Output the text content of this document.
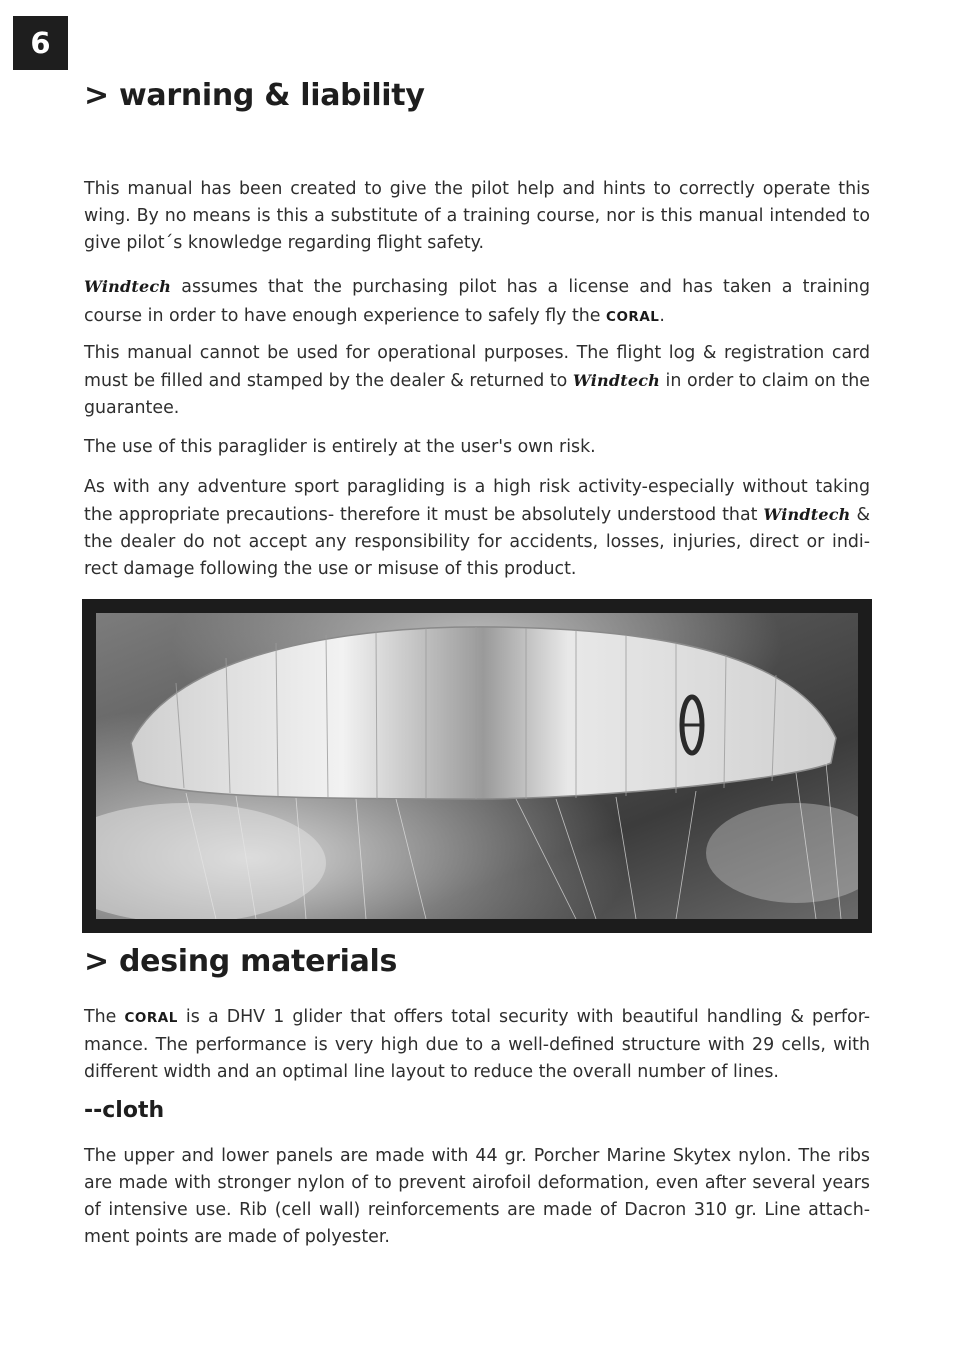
6
> warning & liability

This manual has been created to give the pilot help and hints to correctly operate this wing. By no means is this a substitute of a training course, nor is this manual intended to give pilot´s knowledge regarding flight safety.

Windtech assumes that the purchasing pilot has a license and has taken a training course in order to have enough experience to safely fly the CORAL.

This manual cannot be used for operational purposes. The flight log & registration card must be filled and stamped by the dealer & returned to Windtech in order to claim on the guarantee.

The use of this paraglider is entirely at the user's own risk.

As with any adventure sport paragliding is a high risk activity-especially without taking the appropriate precautions- therefore it must be absolutely understood that Windtech & the dealer do not accept any responsibility for accidents, losses, injuries, direct or indi-rect damage following the use or misuse of this product.

> desing materials

The CORAL is a DHV 1 glider that offers total security with beautiful handling & perfor-mance. The performance is very high due to a well-defined structure with 29 cells, with different width and an optimal line layout to reduce the overall number of lines.

--cloth

The upper and lower panels are made with 44 gr. Porcher Marine Skytex nylon. The ribs are made with stronger nylon of to prevent airofoil deformation, even after several years of intensive use. Rib (cell wall) reinforcements are made of Dacron 310 gr. Line attach-ment points are made of polyester.
